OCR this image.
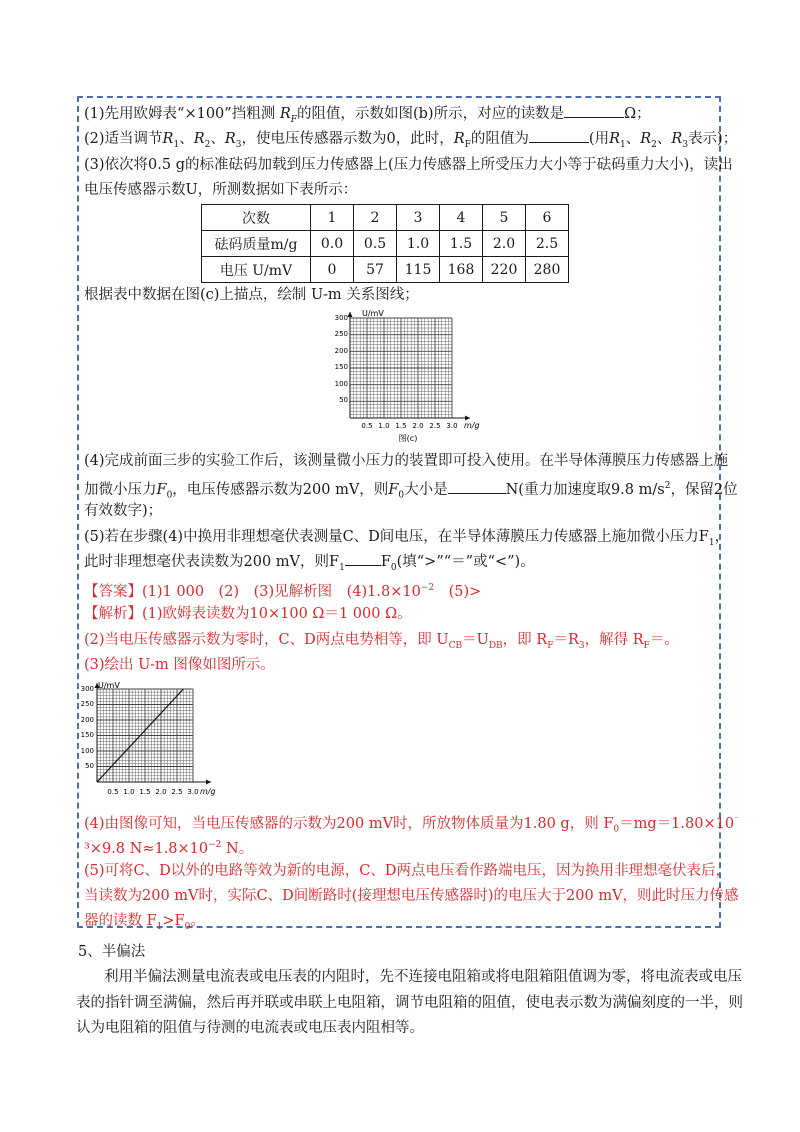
(1)先用欧姆表“×100”挡粗测 $R_F$的阻值，示数如图(b)所示，对应的读数是	Ω；
(2)适当调节$R_1$、$R_2$、$R_3$，使电压传感器示数为0，此时，$R_F$的阻值为	(用$R_1$、$R_2$、$R_3$表示)；
(3)依次将0.5 g的标准砝码加载到压力传感器上(压力传感器上所受压力大小等于砝码重力大小)，读出
电压传感器示数U，所测数据如下表所示：
次数	1	2	3	4	5	6
砝码质量m/g	0.0	0.5	1.0	1.5	2.0	2.5
电压 U/mV	0	57	115	168	220	280
根据表中数据在图(c)上描点，绘制 U-m 关系图线；
U/mV
m/g
300
250
200
150
100
50
0.5 1.0 1.5 2.0 2.5 3.0
图(c)
(4)完成前面三步的实验工作后，该测量微小压力的装置即可投入使用。在半导体薄膜压力传感器上施
加微小压力$F_0$，电压传感器示数为200 mV，则$F_0$大小是	N(重力加速度取9.8 $m/s^2$，保留2位
有效数字)；
(5)若在步骤(4)中换用非理想毫伏表测量C、D间电压，在半导体薄膜压力传感器上施加微小压力$F_1$，
此时非理想毫伏表读数为200 mV，则$F_1$ $F_0$(填“>”“＝”或“<”)。
【答案】(1)1 000　(2)　(3)见解析图　$(4)1.8\times 10^{-2}$　(5)>
【解析】(1)欧姆表读数为10×100 Ω＝1 000 Ω。
(2)当电压传感器示数为零时，C、D两点电势相等，即 $U_{CB}=U_{DB}$，即 $R_F=R_3$，解得 $R_F=$。
(3)绘出 U-m 图像如图所示。
U/mV
m/g
300
250
200
150
100
50
0.5 1.0 1.5 2.0 2.5 3.0
(4)由图像可知，当电压传感器的示数为200 mV时，所放物体质量为1.80 g，则 $F_0=mg=1.80\times 10^{^-}$
³×9.8 $N\approx 1.8\times 10^{-2}$ N。
(5)可将C、D以外的电路等效为新的电源，C、D两点电压看作路端电压，因为换用非理想毫伏表后，
当读数为200 mV时，实际C、D间断路时(接理想电压传感器时)的电压大于200 mV，则此时压力传感
器的读数 $F_1>F_0$。
5、半偏法
利用半偏法测量电流表或电压表的内阻时，先不连接电阻箱或将电阻箱阻值调为零，将电流表或电压
表的指针调至满偏，然后再并联或串联上电阻箱，调节电阻箱的阻值，使电表示数为满偏刻度的一半，则
认为电阻箱的阻值与待测的电流表或电压表内阻相等。
